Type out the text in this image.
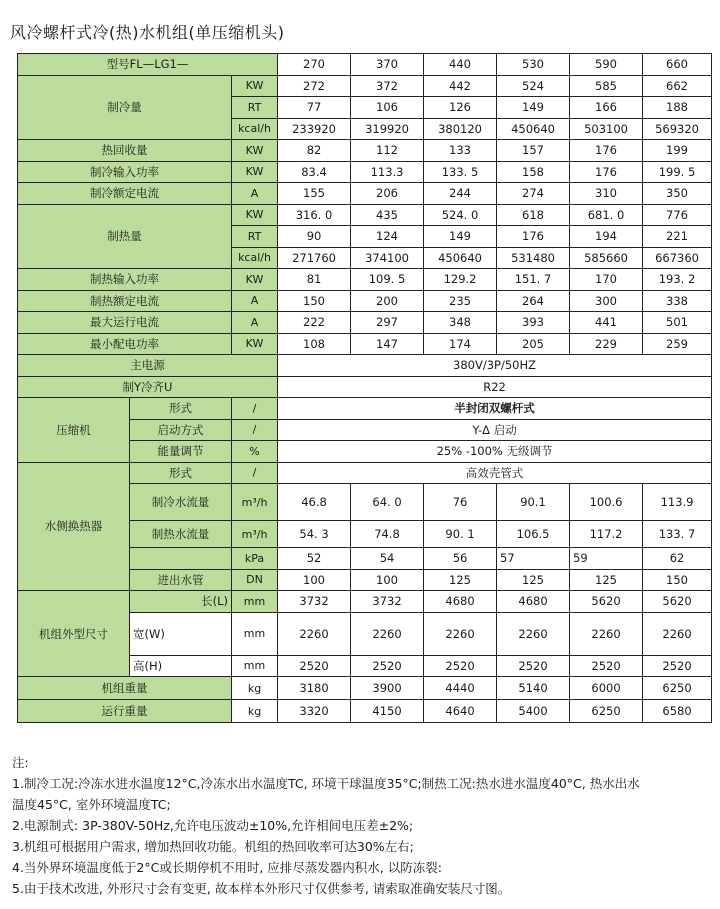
风冷螺杆式冷(热)水机组(单压缩机头)
型号FL—LG1—			270	370	440	530	590	660
制冷量		KW	272	372	442	524	585	662
		RT	77	106	126	149	166	188
		kcal/h	233920	319920	380120	450640	503100	569320
热回收量		KW	82	112	133	157	176	199
制冷输入功率		KW	83.4	113.3	133. 5	158	176	199. 5
制冷额定电流		A	155	206	244	274	310	350
制热量		KW	316. 0	435	524. 0	618	681. 0	776
		RT	90	124	149	176	194	221
		kcal/h	271760	374100	450640	531480	585660	667360
制热输入功率		KW	81	109. 5	129.2	151. 7	170	193. 2
制热额定电流		A	150	200	235	264	300	338
最大运行电流		A	222	297	348	393	441	501
最小配电功率		KW	108	147	174	205	229	259
主电源			380V/3P/50HZ					
制Y冷齐U			R22					
压缩机	形式	/	半封闭双螺杆式					
	启动方式	/	Y-Δ 启动					
	能量调节	%	25% -100% 无级调节					
水侧换热器	形式	/	高效壳管式					
	制冷水流量	m³/h	46.8	64. 0	76	90.1	100.6	113.9
	制热水流量	m³/h	54. 3	74.8	90. 1	106.5	117.2	133. 7
		kPa	52	54	56	57	59	62
	进出水管	DN	100	100	125	125	125	150
机组外型尺寸	长(L)	mm	3732	3732	4680	4680	5620	5620
	宽(W)	mm	2260	2260	2260	2260	2260	2260
	高(H)	mm	2520	2520	2520	2520	2520	2520
机组重量		kg	3180	3900	4440	5140	6000	6250
运行重量		kg	3320	4150	4640	5400	6250	6580
注:
1.制冷工况:冷冻水进水温度12°C,冷冻水出水温度TC, 环境干球温度35°C;制热工况:热水进水温度40°C, 热水出水
温度45°C, 室外环境温度TC;
2.电源制式: 3P-380V-50Hz,允许电压波动±10%,允许相间电压差±2%;
3.机组可根据用户需求, 增加热回收功能。机组的热回收率可达30%左右;
4.当外界环境温度低于2°C或长期停机不用时, 应排尽蒸发器内积水, 以防冻裂:
5.由于技术改进, 外形尺寸会有变更, 故本样本外形尺寸仅供参考, 请索取准确安装尺寸图。
